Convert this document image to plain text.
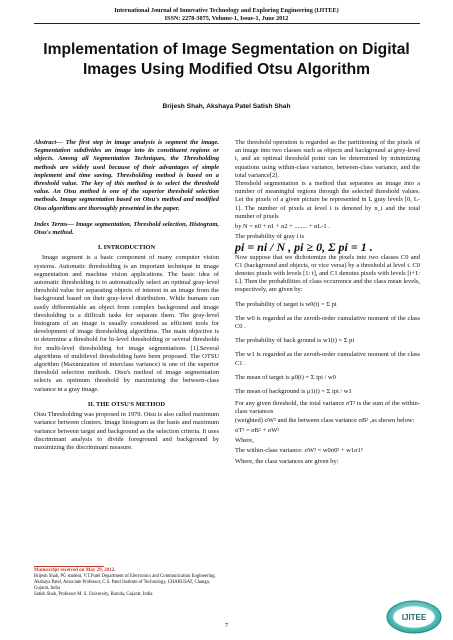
International Journal of Innovative Technology and Exploring Engineering (IJITEE)
ISSN: 2278-3075, Volume-1, Issue-1, June 2012
Implementation of Image Segmentation on Digital Images Using Modified Otsu Algorithm
Brijesh Shah, Akshaya Patel Satish Shah

Abstract— The first step in image analysis is segment the image. Segmentation subdivides an image into its constituent regions or objects. Among all Segmentation Techniques, the Thresholding methods are widely used because of their advantages of simple implement and time saving. Thresholding method is based on a threshold value. The key of this method is to select the threshold value. An Otsu method is one of the superior threshold selection methods. Image segmentation based on Otsu's method and modified Otsu algorithms are thoroughly presented in the paper.

Index Terms— Image segmentation, Threshold selection, Histogram, Otsu's method.

I. INTRODUCTION

Image segment is a basic component of many computer vision systems. Automatic thresholding is an important technique in image segmentation and machine vision applications. The basic idea of automatic thresholding is to automatically select an optimal gray-level threshold value for separating objects of interest in an image from the background based on their gray-level distribution. While humans can easily differentiable an object from complex background and image thresholding is a difficult tasks for separate them. The gray-level histogram of an image is usually considered as efficient tools for development of image thresholding algorithms. The main objective is to determine a threshold for bi-level thresholding or several thresholds for multi-level thresholding for image segmentations [1].Several algorithms of multilevel thresholding have been proposed. The OTSU algorithm (Maximization of interclass variance) is one of the superior threshold selection methods. Otsu's method of image segmentation selects an optimum threshold by maximizing the between-class variance in a gray image.

II. THE OTSU'S METHOD

Otsu Thresholding was proposed in 1979. Otsu is also called maximum variance between clusters. Image histogram as the basis and maximum variance between target and background as the selection criteria. It uses discriminant analysis to divide foreground and background by maximizing the discriminant measure.

Manuscript received on May 29, 2012.
Brijesh Shah, PG student, V.T.Patel Department of Electronics and Communication Engineering,
Akshaya Patel, Associate Professor, C.S. Patel Institute of Technology, CHARUSAT, Changa, Gujarat, India
Satish Shah, Professor M. S. University, Baroda, Gujarat, India

The threshold operation is regarded as the partitioning of the pixels of an image into two classes such as objects and background at grey-level t, and an optimal threshold point can be determined by minimizing equations using within-class variance, between-class variance, and the total variance[2].

Threshold segmentation is a method that separates an image into a number of meaningful regions through the selected threshold values. Let the pixels of a given picture be represented in L gray levels [0, L-1]. The number of pixels at level i is denoted by n_i and the total number of pixels

by N = n0 + n1 + n2 + ........ + nL-1 .
The probability of gray i is
pi = ni / N , pi ≥ 0, Σ pi = 1 .

Now suppose that we dichotomize the pixels into two classes C0 and C1 (background and objects, or vice versa) by a threshold at level t. C0 denotes pixels with levels [1: t], and C1 denotes pixels with levels [t+1: L]. Then the probabilities of class occurrence and the class mean levels, respectively, are given by:

The probability of target is w0(t) = Σ pi

The w0 is regarded as the zeroth-order cumulative moment of the class C0 .

The probability of back ground is w1(t) = Σ pi

The w1 is regarded as the zeroth-order cumulative moment of the class C1 .

The mean of target is μ0(t) = Σ ipi / w0
The mean of background is μ1(t) = Σ ipi / w1

For any given threshold, the total variance σT² is the sum of the within-class variances

(weighted) σW² and the between class variance σB² ,as shown below:

σT² = σB² + σW²
Where,
The within-class variance: σW² = w0σ0² + w1σ1²
Where, the class variances are given by:
7
IJITEE
